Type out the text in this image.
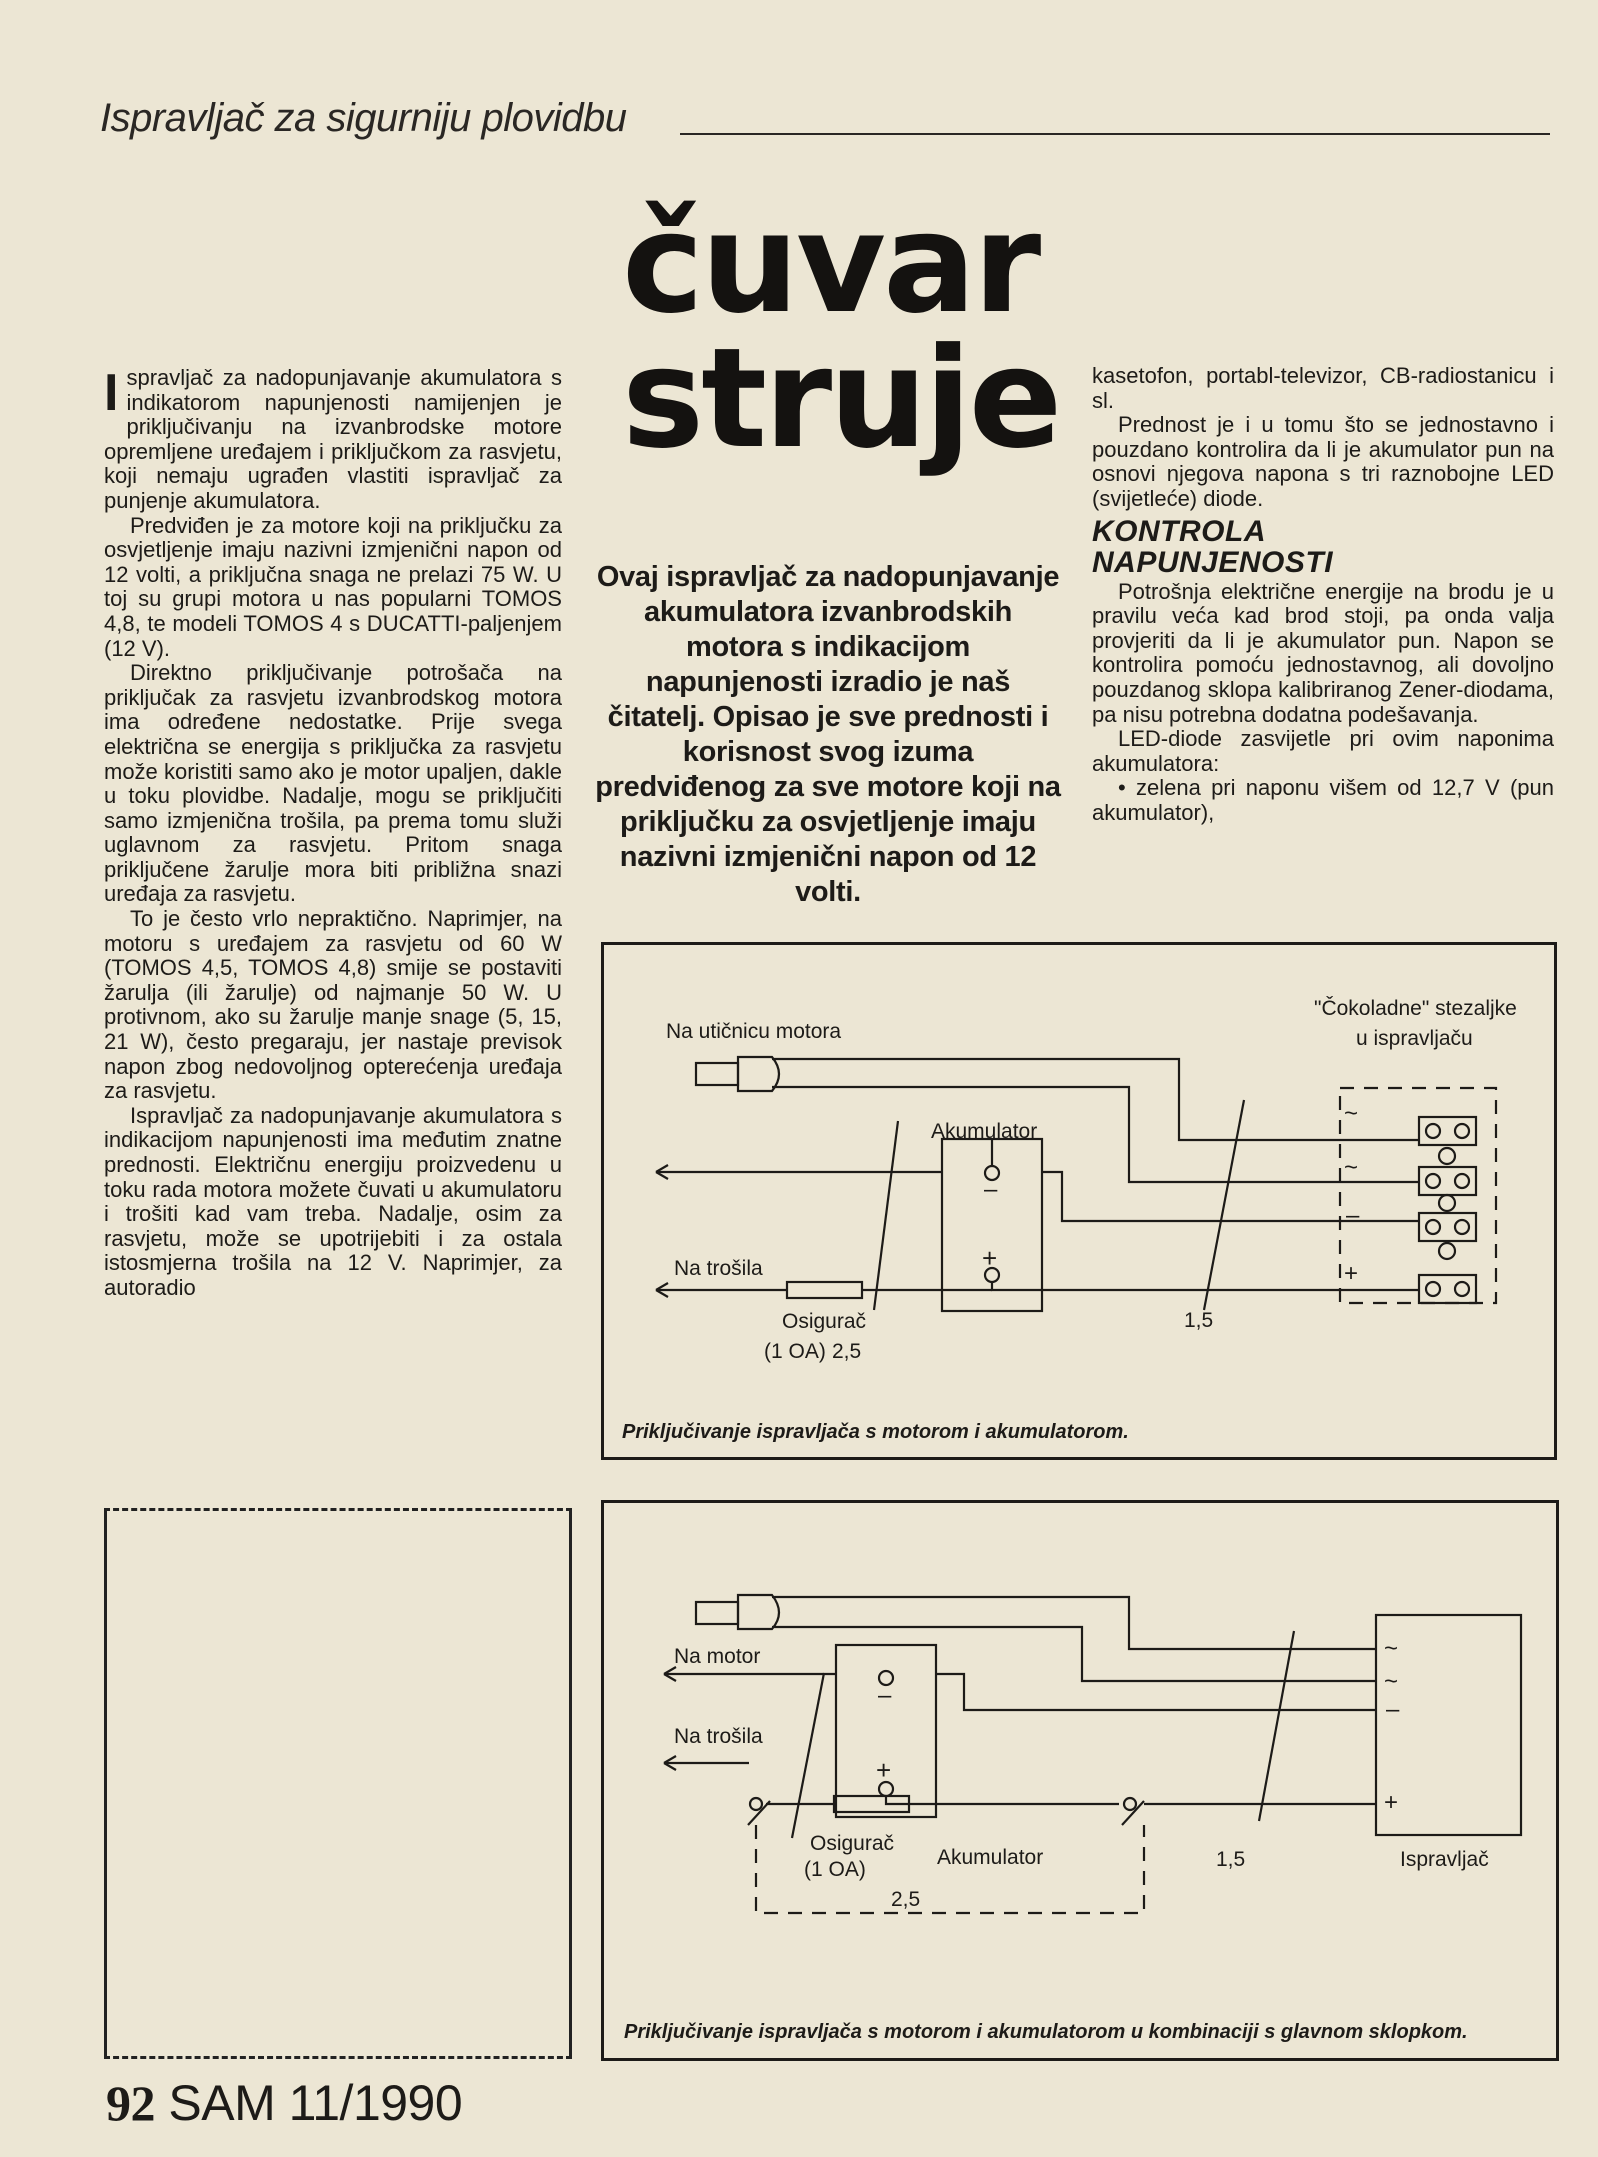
Ispravljač za sigurniju plovidbu
čuvar
struje

Ispravljač za nadopunjavanje akumulatora s indikatorom napunjenosti namijenjen je priključivanju na izvanbrodske motore opremljene uređajem i priključkom za rasvjetu, koji nemaju ugrađen vlastiti ispravljač za punjenje akumulatora.

Predviđen je za motore koji na priključku za osvjetljenje imaju nazivni izmjenični napon od 12 volti, a priključna snaga ne prelazi 75 W. U toj su grupi motora u nas popularni TOMOS 4,8, te modeli TOMOS 4 s DUCATTI-paljenjem (12 V).

Direktno priključivanje potrošača na priključak za rasvjetu izvanbrodskog motora ima određene nedostatke. Prije svega električna se energija s priključka za rasvjetu može koristiti samo ako je motor upaljen, dakle u toku plovidbe. Nadalje, mogu se priključiti samo izmjenična trošila, pa prema tomu služi uglavnom za rasvjetu. Pritom snaga priključene žarulje mora biti približna snazi uređaja za rasvjetu.

To je često vrlo nepraktično. Naprimjer, na motoru s uređajem za rasvjetu od 60 W (TOMOS 4,5, TOMOS 4,8) smije se postaviti žarulja (ili žarulje) od najmanje 50 W. U protivnom, ako su žarulje manje snage (5, 15, 21 W), često pregaraju, jer nastaje previsok napon zbog nedovoljnog opterećenja uređaja za rasvjetu.

Ispravljač za nadopunjavanje akumulatora s indikacijom napunjenosti ima međutim znatne prednosti. Električnu energiju proizvedenu u toku rada motora možete čuvati u akumulatoru i trošiti kad vam treba. Nadalje, osim za rasvjetu, može se upotrijebiti i za ostala istosmjerna trošila na 12 V. Naprimjer, za autoradio

Ovaj ispravljač za nadopunjavanje akumulatora izvanbrodskih motora s indikacijom napunjenosti izradio je naš čitatelj. Opisao je sve prednosti i korisnost svog izuma predviđenog za sve motore koji na priključku za osvjetljenje imaju nazivni izmjenični napon od 12 volti.

kasetofon, portabl-televizor, CB-radiostanicu i sl.

Prednost je i u tomu što se jednostavno i pouzdano kontrolira da li je akumulator pun na osnovi njegova napona s tri raznobojne LED (svijetleće) diode.

KONTROLA
NAPUNJENOSTI

Potrošnja električne energije na brodu je u pravilu veća kad brod stoji, pa onda valja provjeriti da li je akumulator pun. Napon se kontrolira pomoću jednostavnog, ali dovoljno pouzdanog sklopa kalibriranog Zener-diodama, pa nisu potrebna dodatna podešavanja.

LED-diode zasvijetle pri ovim naponima akumulatora:

• zelena pri naponu višem od 12,7 V (pun akumulator),

Na utičnicu motora
Akumulator
Na trošila
Osigurač
(1 OA) 2,5
1,5
"Čokoladne" stezaljke
u ispravljaču
–
+
~
~
–
+
Priključivanje ispravljača s motorom i akumulatorom.
Na motor
Na trošila
Osigurač
(1 OA)
Akumulator
2,5
1,5	Ispravljač
–
+
~
~
–
+
Priključivanje ispravljača s motorom i akumulatorom u kombinaciji s glavnom sklopkom.
92 SAM 11/1990
